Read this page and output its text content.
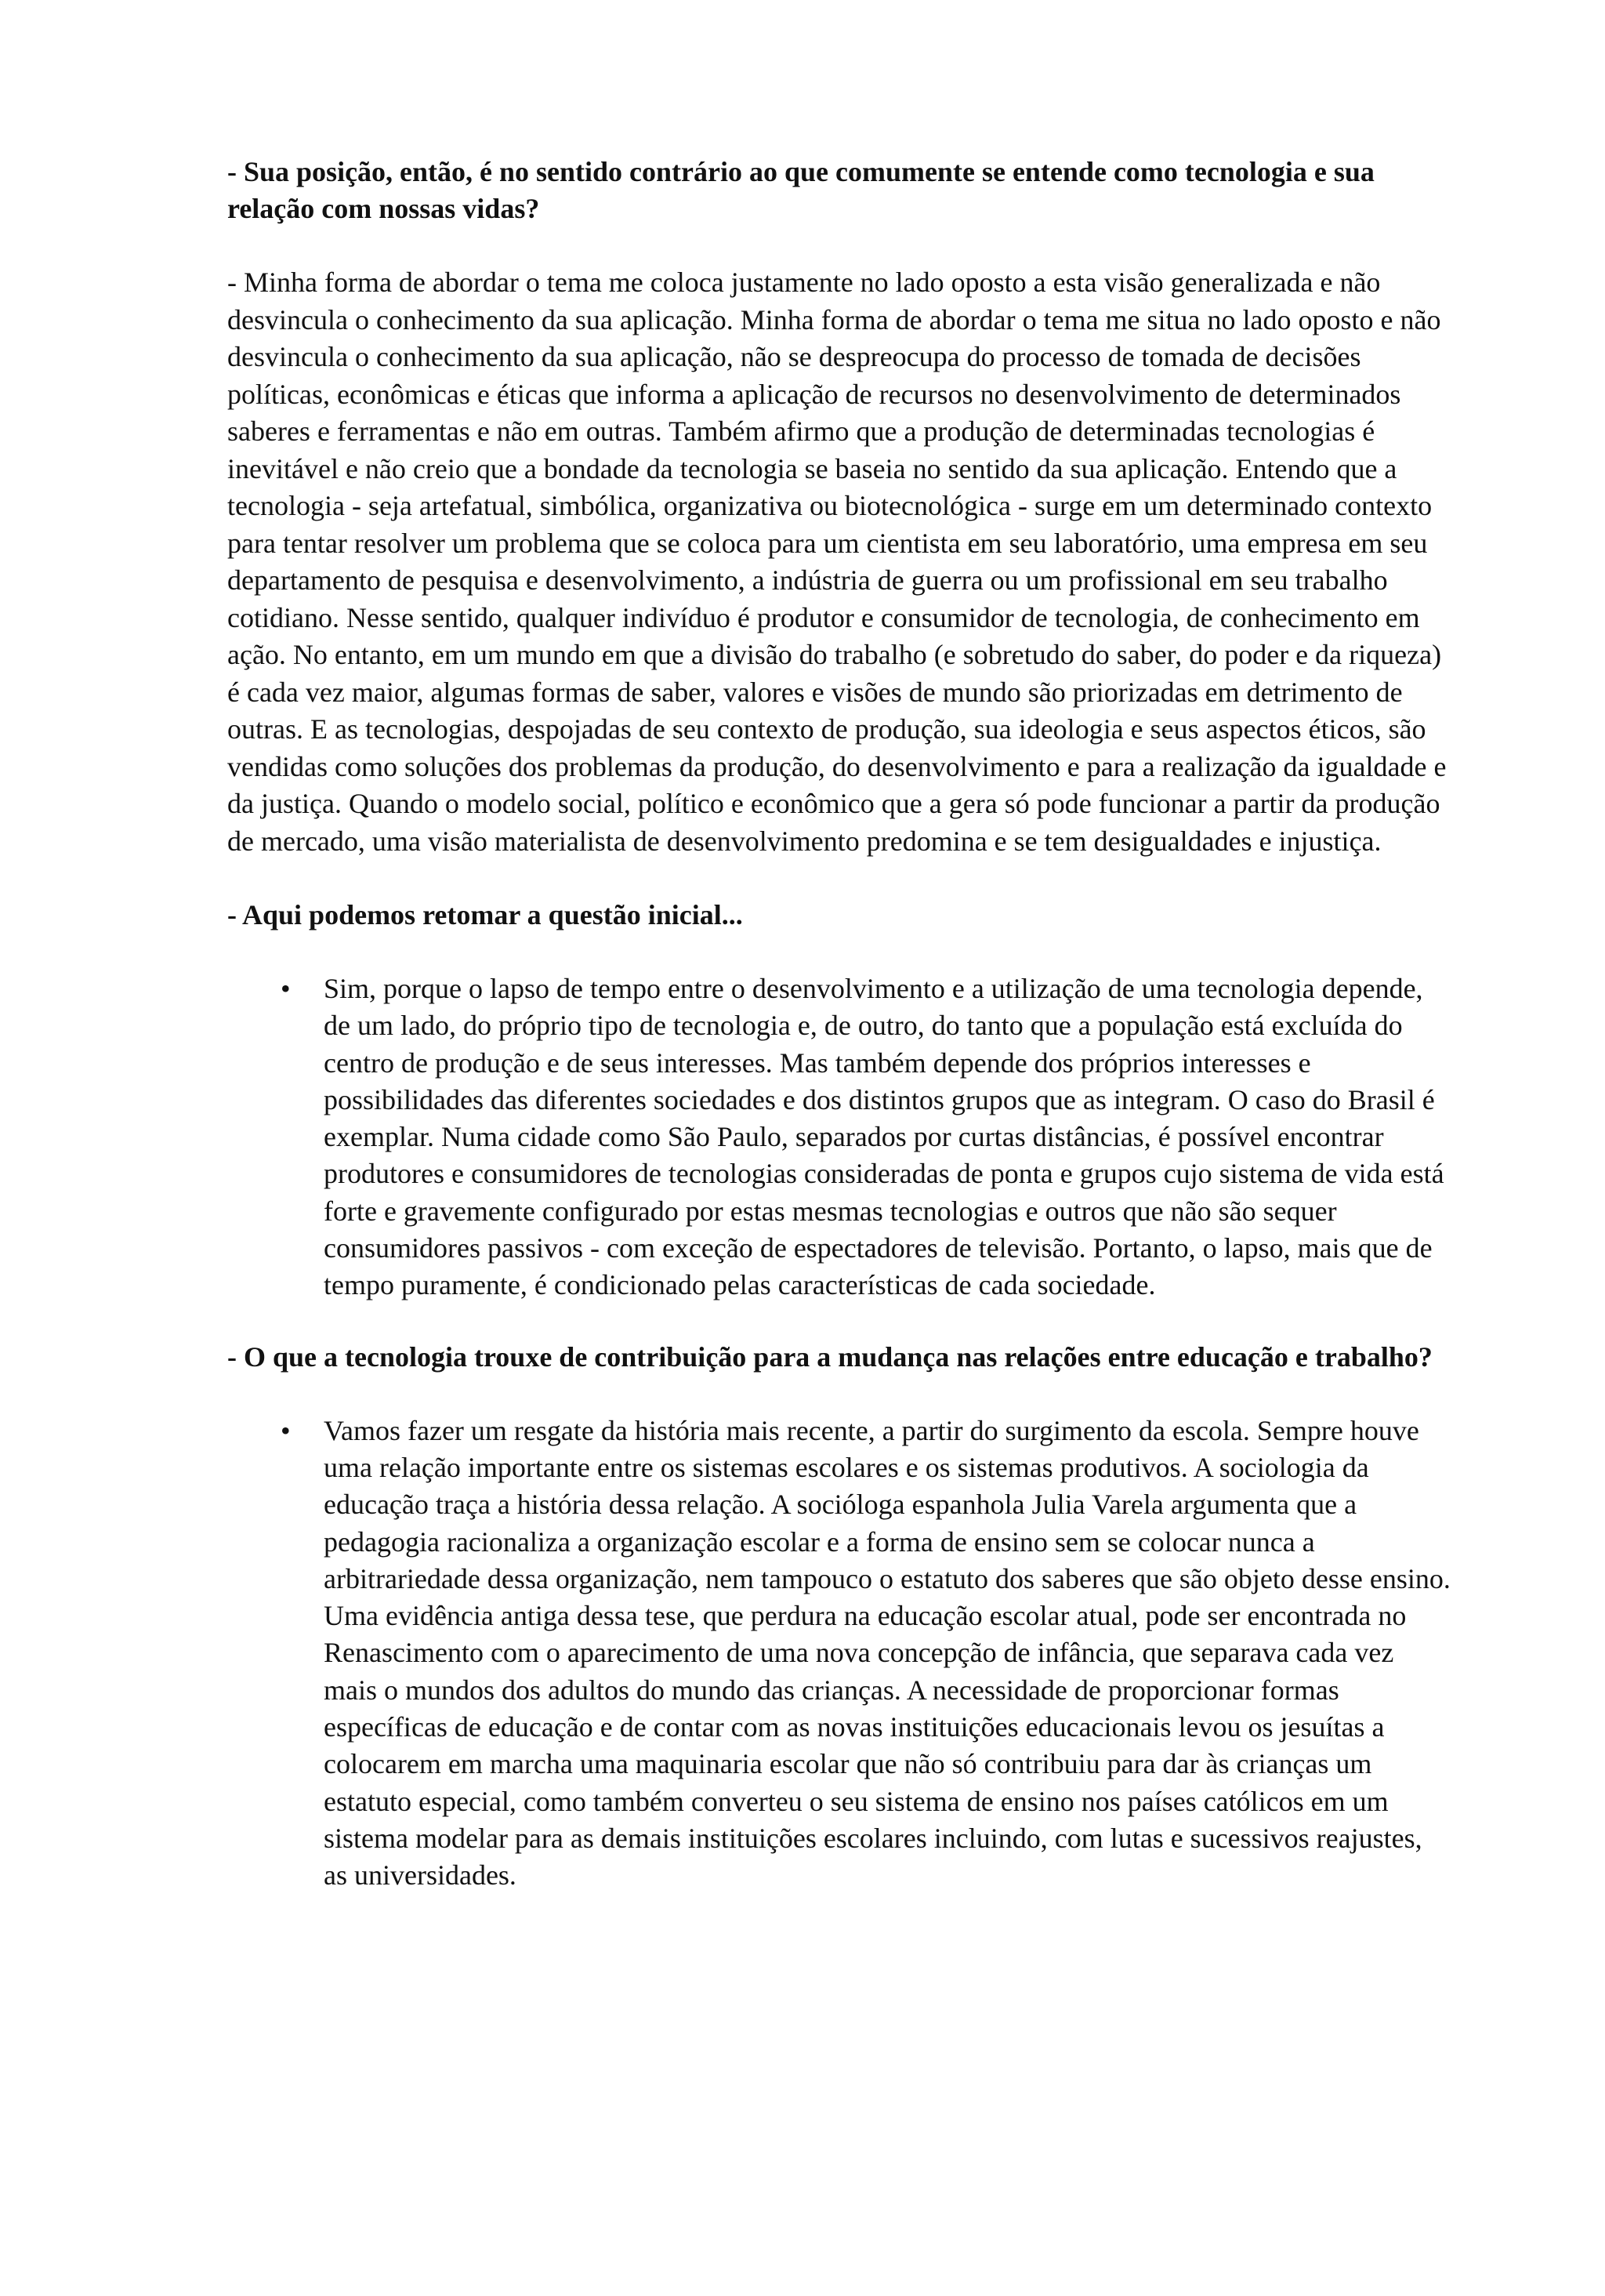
- Sua posição, então, é no sentido contrário ao que comumente se entende como tecnologia e sua relação com nossas vidas?

- Minha forma de abordar o tema me coloca justamente no lado oposto a esta visão generalizada e não desvincula o conhecimento da sua aplicação. Minha forma de abordar o tema me situa no lado oposto e não desvincula o conhecimento da sua aplicação, não se despreocupa do processo de tomada de decisões políticas, econômicas e éticas que informa a aplicação de recursos no desenvolvimento de determinados saberes e ferramentas e não em outras. Também afirmo que a produção de determinadas tecnologias é inevitável e não creio que a bondade da tecnologia se baseia no sentido da sua aplicação. Entendo que a tecnologia - seja artefatual, simbólica, organizativa ou biotecnológica - surge em um determinado contexto para tentar resolver um problema que se coloca para um cientista em seu laboratório, uma empresa em seu departamento de pesquisa e desenvolvimento, a indústria de guerra ou um profissional em seu trabalho cotidiano. Nesse sentido, qualquer indivíduo é produtor e consumidor de tecnologia, de conhecimento em ação. No entanto, em um mundo em que a divisão do trabalho (e sobretudo do saber, do poder e da riqueza) é cada vez maior, algumas formas de saber, valores e visões de mundo são priorizadas em detrimento de outras. E as tecnologias, despojadas de seu contexto de produção, sua ideologia e seus aspectos éticos, são vendidas como soluções dos problemas da produção, do desenvolvimento e para a realização da igualdade e da justiça. Quando o modelo social, político e econômico que a gera só pode funcionar a partir da produção de mercado, uma visão materialista de desenvolvimento predomina e se tem desigualdades e injustiça.

- Aqui podemos retomar a questão inicial...

• Sim, porque o lapso de tempo entre o desenvolvimento e a utilização de uma tecnologia depende, de um lado, do próprio tipo de tecnologia e, de outro, do tanto que a população está excluída do centro de produção e de seus interesses. Mas também depende dos próprios interesses e possibilidades das diferentes sociedades e dos distintos grupos que as integram. O caso do Brasil é exemplar. Numa cidade como São Paulo, separados por curtas distâncias, é possível encontrar produtores e consumidores de tecnologias consideradas de ponta e grupos cujo sistema de vida está forte e gravemente configurado por estas mesmas tecnologias e outros que não são sequer consumidores passivos - com exceção de espectadores de televisão. Portanto, o lapso, mais que de tempo puramente, é condicionado pelas características de cada sociedade.

- O que a tecnologia trouxe de contribuição para a mudança nas relações entre educação e trabalho?

• Vamos fazer um resgate da história mais recente, a partir do surgimento da escola. Sempre houve uma relação importante entre os sistemas escolares e os sistemas produtivos. A sociologia da educação traça a história dessa relação. A socióloga espanhola Julia Varela argumenta que a pedagogia racionaliza a organização escolar e a forma de ensino sem se colocar nunca a arbitrariedade dessa organização, nem tampouco o estatuto dos saberes que são objeto desse ensino. Uma evidência antiga dessa tese, que perdura na educação escolar atual, pode ser encontrada no Renascimento com o aparecimento de uma nova concepção de infância, que separava cada vez mais o mundos dos adultos do mundo das crianças. A necessidade de proporcionar formas específicas de educação e de contar com as novas instituições educacionais levou os jesuítas a colocarem em marcha uma maquinaria escolar que não só contribuiu para dar às crianças um estatuto especial, como também converteu o seu sistema de ensino nos países católicos em um sistema modelar para as demais instituições escolares incluindo, com lutas e sucessivos reajustes, as universidades.
